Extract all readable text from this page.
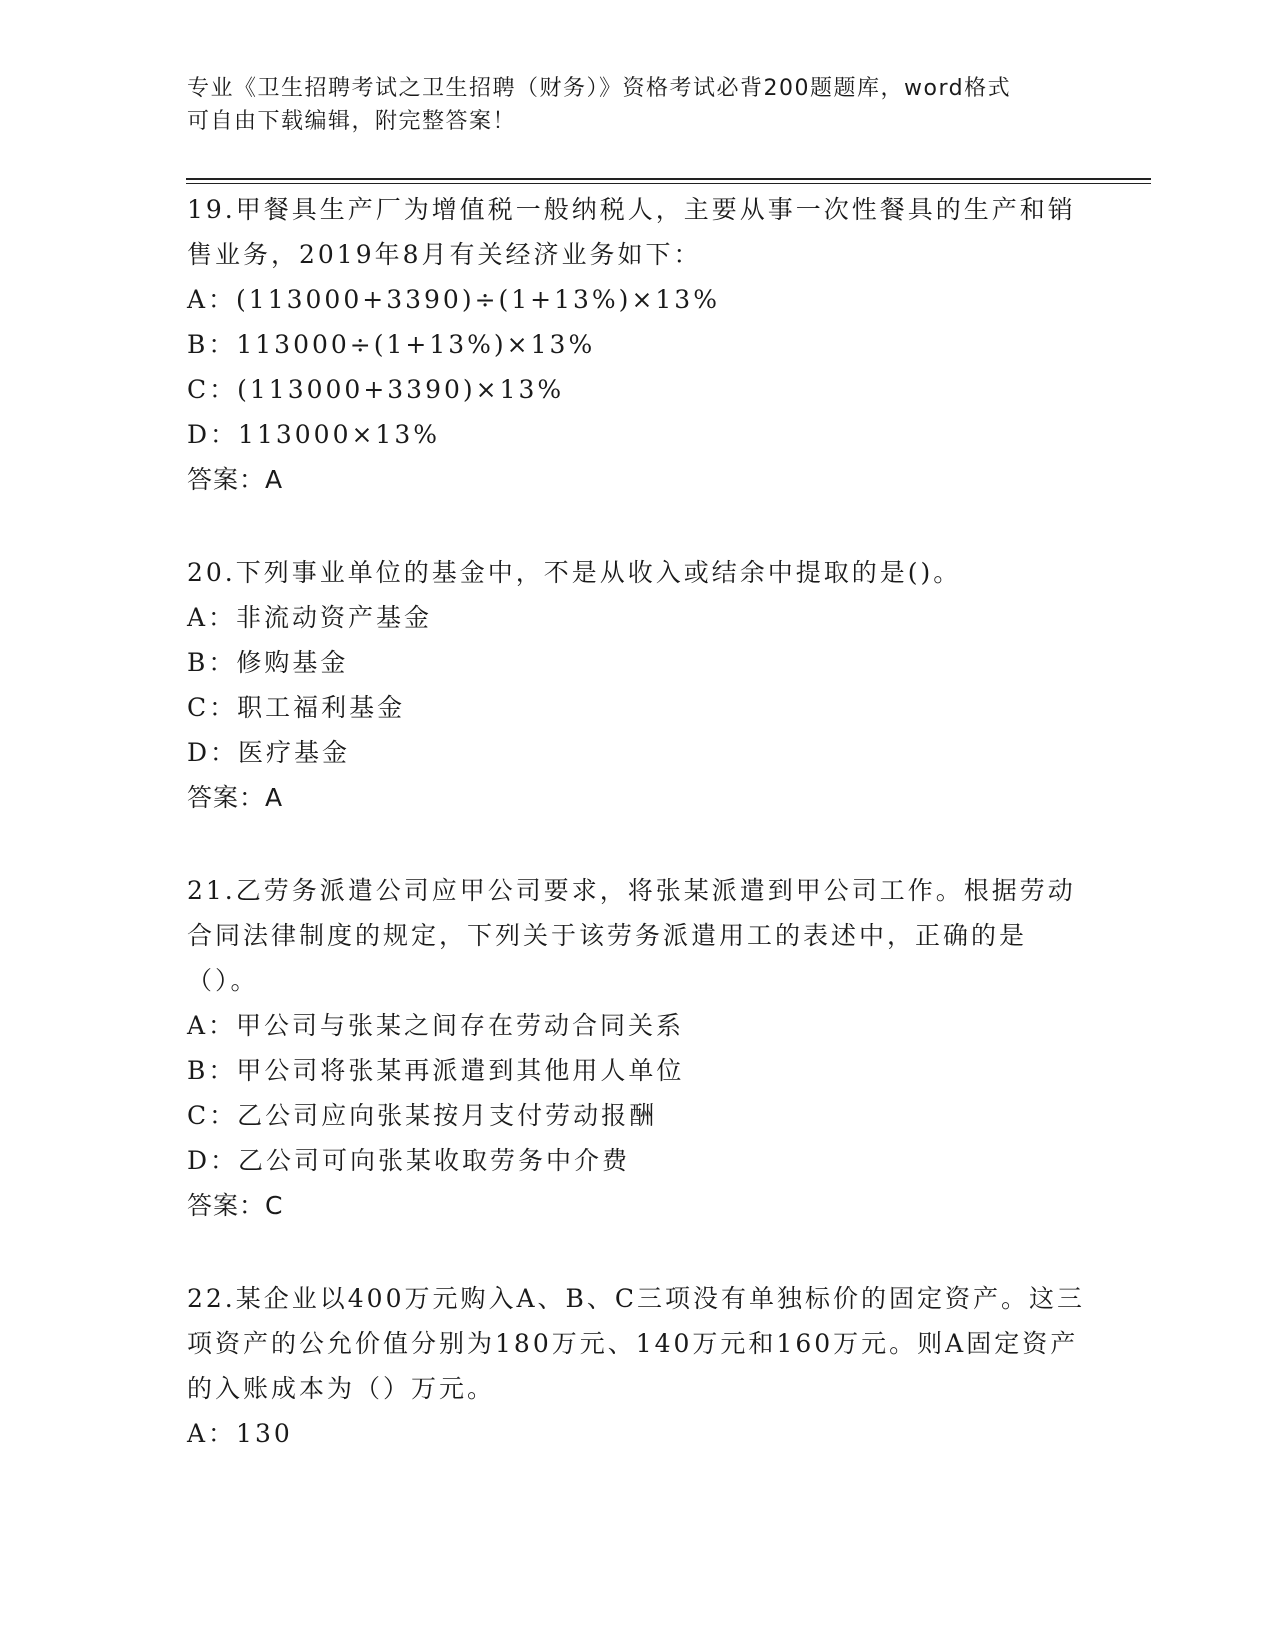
专业《卫生招聘考试之卫生招聘（财务）》资格考试必背200题题库，word格式
可自由下载编辑，附完整答案！
19.甲餐具生产厂为增值税一般纳税人，主要从事一次性餐具的生产和销售业务，2019年8月有关经济业务如下：
A：(113000+3390)÷(1+13%)×13%
B：113000÷(1+13%)×13%
C：(113000+3390)×13%
D：113000×13%
答案：A
20.下列事业单位的基金中，不是从收入或结余中提取的是()。
A：非流动资产基金
B：修购基金
C：职工福利基金
D：医疗基金
答案：A
21.乙劳务派遣公司应甲公司要求，将张某派遣到甲公司工作。根据劳动合同法律制度的规定，下列关于该劳务派遣用工的表述中，正确的是（）。
A：甲公司与张某之间存在劳动合同关系
B：甲公司将张某再派遣到其他用人单位
C：乙公司应向张某按月支付劳动报酬
D：乙公司可向张某收取劳务中介费
答案：C
22.某企业以400万元购入A、B、C三项没有单独标价的固定资产。这三项资产的公允价值分别为180万元、140万元和160万元。则A固定资产的入账成本为（）万元。
A：130
